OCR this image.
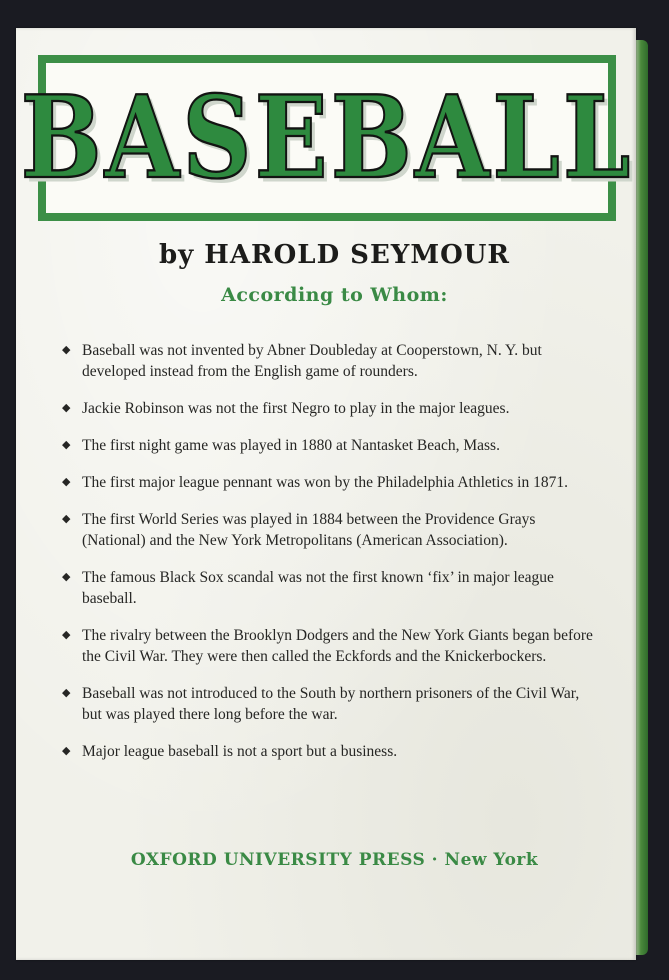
BASEBALL
by HAROLD SEYMOUR
According to Whom:
◆ Baseball was not invented by Abner Doubleday at Cooperstown, N. Y. but developed instead from the English game of rounders.
◆ Jackie Robinson was not the first Negro to play in the major leagues.
◆ The first night game was played in 1880 at Nantasket Beach, Mass.
◆ The first major league pennant was won by the Philadelphia Athletics in 1871.
◆ The first World Series was played in 1884 between the Providence Grays (National) and the New York Metropolitans (American Association).
◆ The famous Black Sox scandal was not the first known ‘fix’ in major league baseball.
◆ The rivalry between the Brooklyn Dodgers and the New York Giants began before the Civil War. They were then called the Eckfords and the Knickerbockers.
◆ Baseball was not introduced to the South by northern prisoners of the Civil War, but was played there long before the war.
◆ Major league baseball is not a sport but a business.
OXFORD UNIVERSITY PRESS · New York
